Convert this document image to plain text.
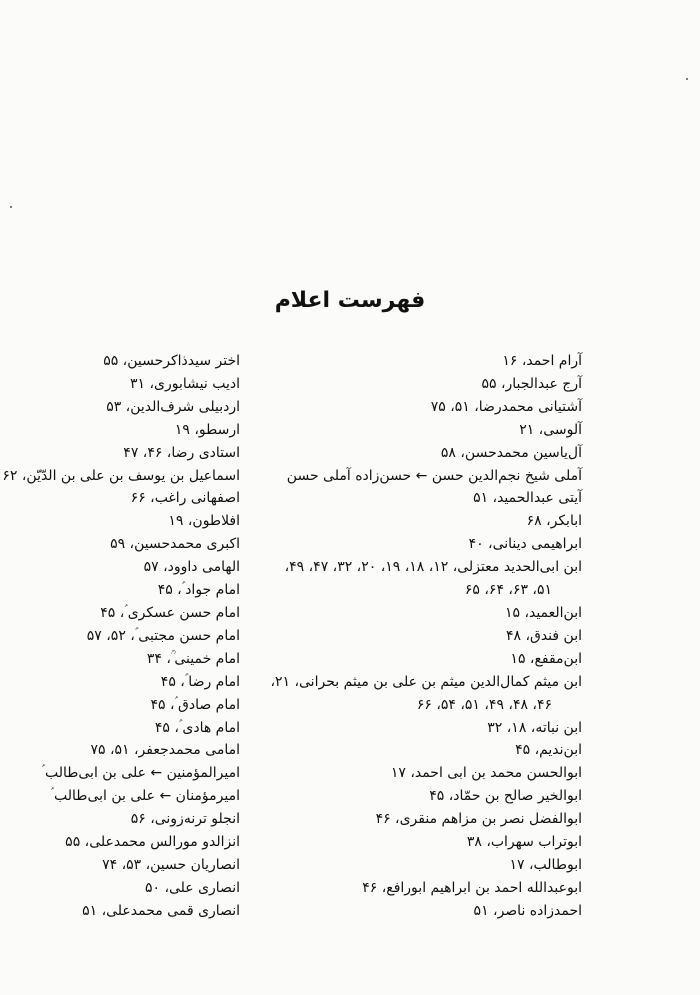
فهرست اعلام
آرام احمد، ۱۶
آرج عبدالجبار، ۵۵
آشتیانی محمدرضا، ۵۱، ۷۵
آلوسی، ۲۱
آل‌یاسین محمدحسن، ۵۸
آملی شیخ نجم‌الدین حسن ← حسن‌زاده آملی حسن
آیتی عبدالحمید، ۵۱
ابابکر، ۶۸
ابراهیمی دینانی، ۴۰
ابن ابی‌الحدید معتزلی، ۱۲، ۱۸، ۱۹، ۲۰، ۳۲، ۴۷، ۴۹،
۵۱، ۶۳، ۶۴، ۶۵
ابن‌العمید، ۱۵
ابن فندق، ۴۸
ابن‌مقفع، ۱۵
ابن میثم کمال‌الدین میثم بن علی بن میثم بحرانی، ۲۱،
۴۶، ۴۸، ۴۹، ۵۱، ۵۴، ۶۶
ابن نباته، ۱۸، ۳۲
ابن‌ندیم، ۴۵
ابوالحسن محمد بن ابی احمد، ۱۷
ابوالخیر صالح بن حمّاد، ۴۵
ابوالفضل نصر بن مزاهم منقری، ۴۶
ابوتراب سهراب، ۳۸
ابوطالب، ۱۷
ابوعبدالله احمد بن ابراهیم ابورافع، ۴۶
احمدزاده ناصر، ۵۱
اختر سیدذاکرحسین، ۵۵
ادیب نیشابوری، ۳۱
اردبیلی شرف‌الدین، ۵۳
ارسطو، ۱۹
استادی رضا، ۴۶، ۴۷
اسماعیل بن یوسف بن علی بن الدّیّن، ۶۲
اصفهانی راغب، ۶۶
افلاطون، ۱۹
اکبری محمدحسین، ۵۹
الهامی داوود، ۵۷
امام جواد ؑ، ۴۵
امام حسن عسکری ؑ، ۴۵
امام حسن مجتبی ؑ، ۵۲، ۵۷
امام خمینی ؒ، ۳۴
امام رضا ؑ، ۴۵
امام صادق ؑ، ۴۵
امام هادی ؑ، ۴۵
امامی محمدجعفر، ۵۱، ۷۵
امیرالمؤمنین ← علی بن ابی‌طالب ؑ
امیرمؤمنان ← علی بن ابی‌طالب ؑ
انجلو ترنه‌زونی، ۵۶
انزالدو مورالس محمدعلی، ۵۵
انصاریان حسین، ۵۳، ۷۴
انصاری علی، ۵۰
انصاری قمی محمدعلی، ۵۱
